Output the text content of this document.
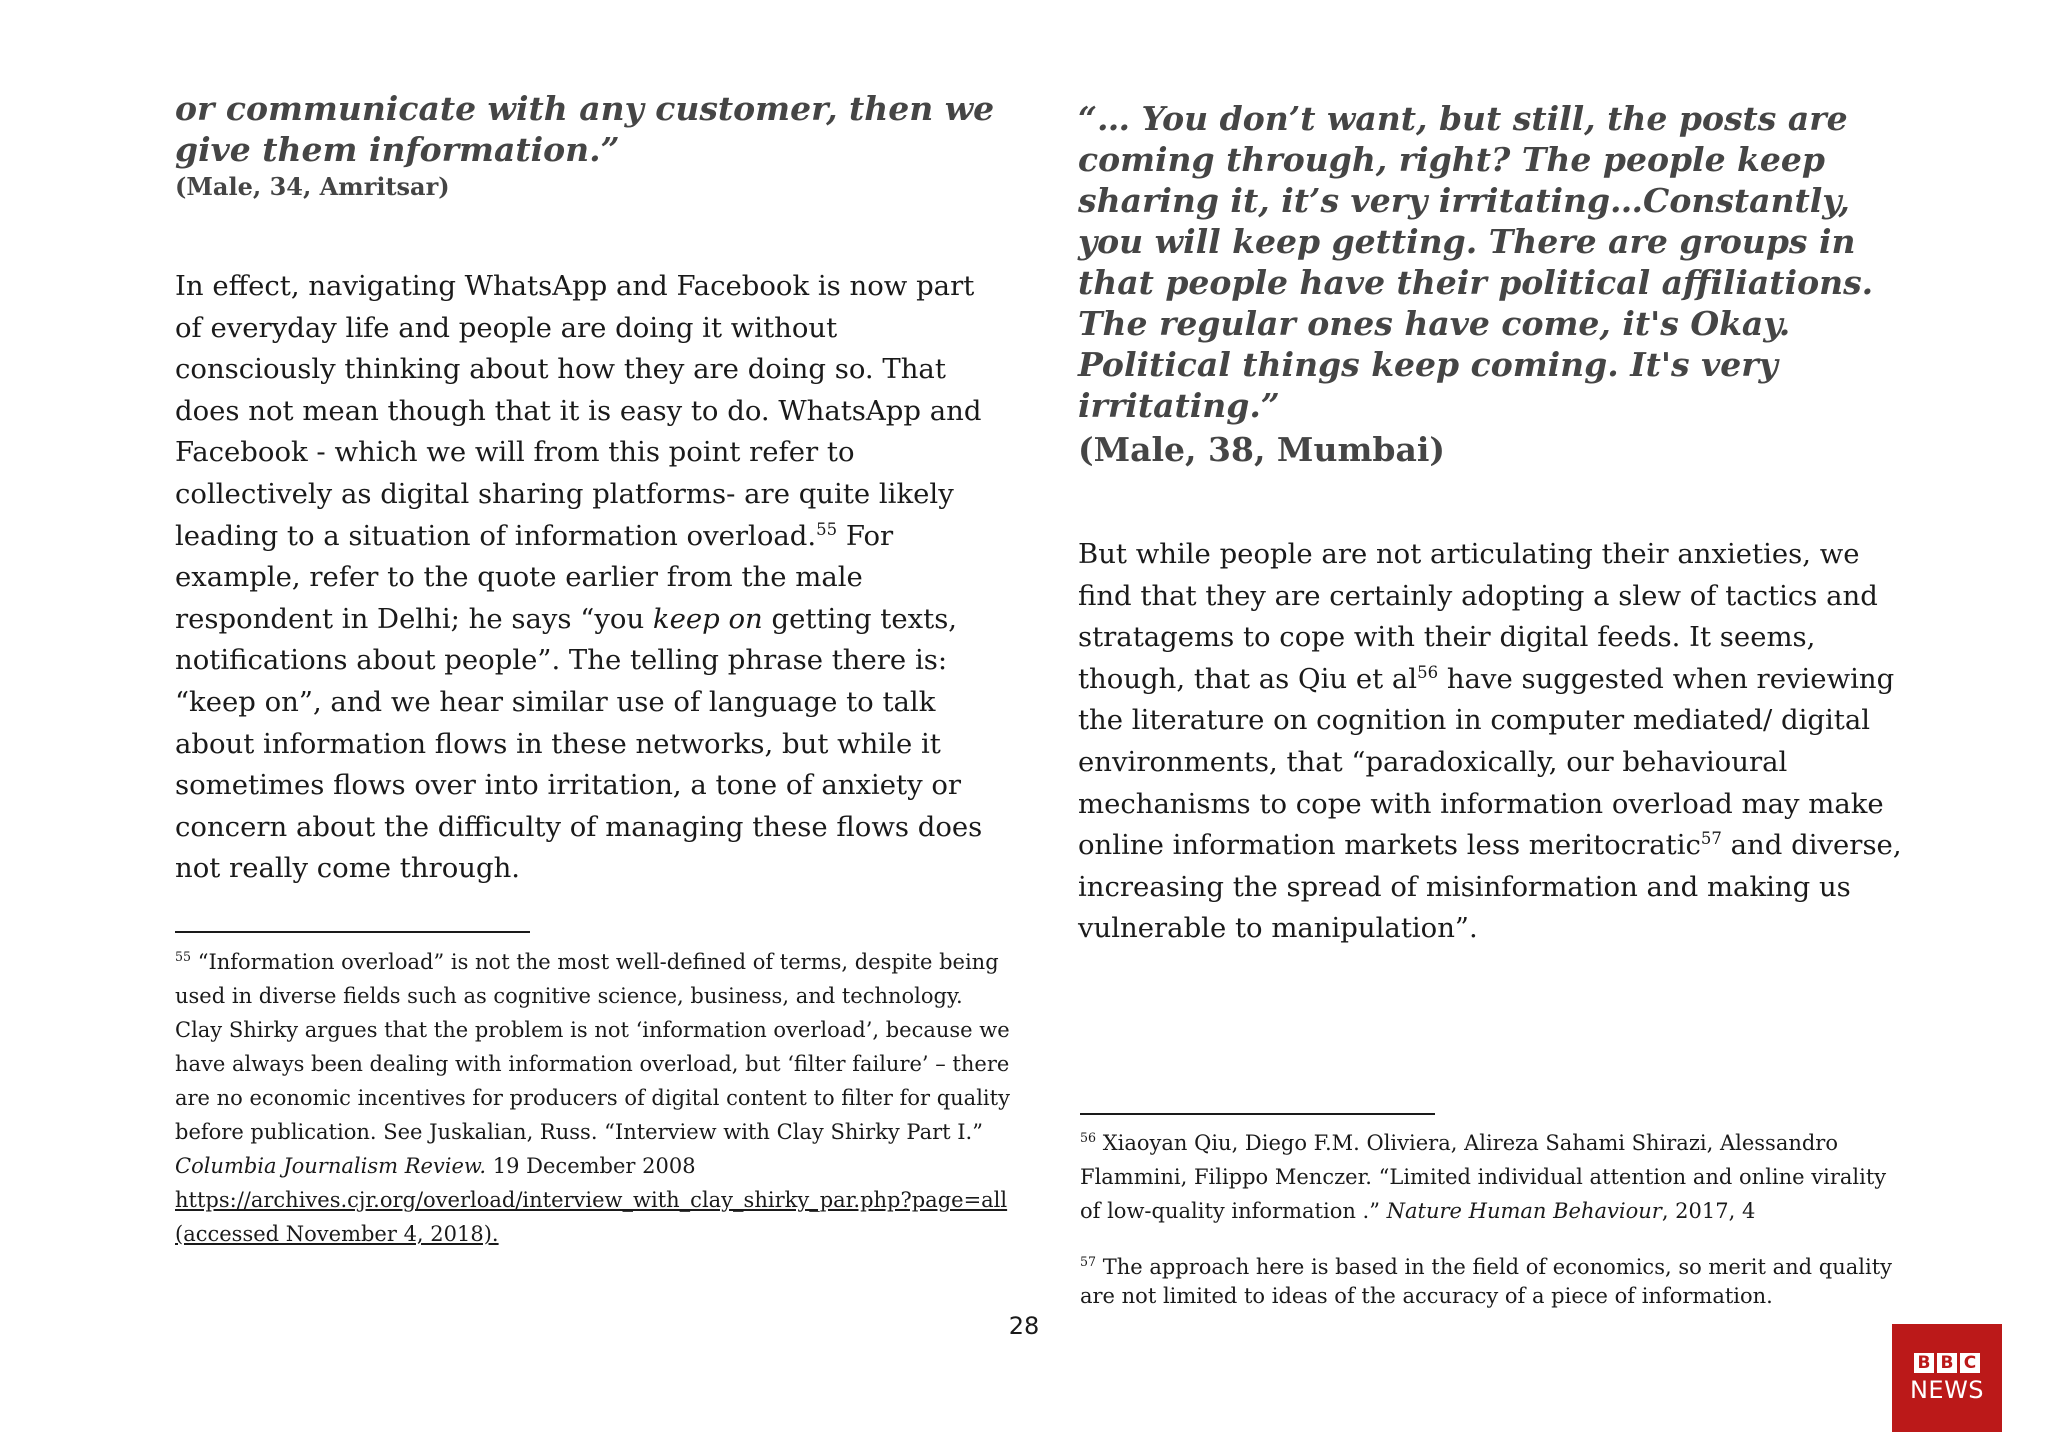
or communicate with any customer, then we give them information.”

(Male, 34, Amritsar)

In effect, navigating WhatsApp and Facebook is now part of everyday life and people are doing it without consciously thinking about how they are doing so. That does not mean though that it is easy to do. WhatsApp and Facebook - which we will from this point refer to collectively as digital sharing platforms- are quite likely leading to a situation of information overload.$^{55}$ For example, refer to the quote earlier from the male respondent in Delhi; he says “you keep on getting texts, notifications about people”. The telling phrase there is: “keep on”, and we hear similar use of language to talk about information flows in these networks, but while it sometimes flows over into irritation, a tone of anxiety or concern about the difficulty of managing these flows does not really come through.

“… You don’t want, but still, the posts are coming through, right? The people keep sharing it, it’s very irritating…Constantly, you will keep getting. There are groups in that people have their political affiliations. The regular ones have come, it's Okay. Political things keep coming. It's very irritating.”

(Male, 38, Mumbai)

But while people are not articulating their anxieties, we find that they are certainly adopting a slew of tactics and stratagems to cope with their digital feeds. It seems, though, that as Qiu et $al^{56}$ have suggested when reviewing the literature on cognition in computer mediated/ digital environments, that “paradoxically, our behavioural mechanisms to cope with information overload may make online information markets less meritocratic$^{57}$ and diverse, increasing the spread of misinformation and making us vulnerable to manipulation”.

$^{55}$ “Information overload” is not the most well-defined of terms, despite being used in diverse fields such as cognitive science, business, and technology. Clay Shirky argues that the problem is not ‘information overload’, because we have always been dealing with information overload, but ‘filter failure’ – there are no economic incentives for producers of digital content to filter for quality before publication. See Juskalian, Russ. “Interview with Clay Shirky Part I.” Columbia Journalism Review. 19 December 2008 https://archives.cjr.org/overload/interview_with_clay_shirky_par.php?page=all (accessed November 4, 2018).

$^{56}$ Xiaoyan Qiu, Diego F.M. Oliviera, Alireza Sahami Shirazi, Alessandro Flammini, Filippo Menczer. “Limited individual attention and online virality of low-quality information .” Nature Human Behaviour, 2017, 4

$^{57}$ The approach here is based in the field of economics, so merit and quality are not limited to ideas of the accuracy of a piece of information.

28
B B C
NEWS
